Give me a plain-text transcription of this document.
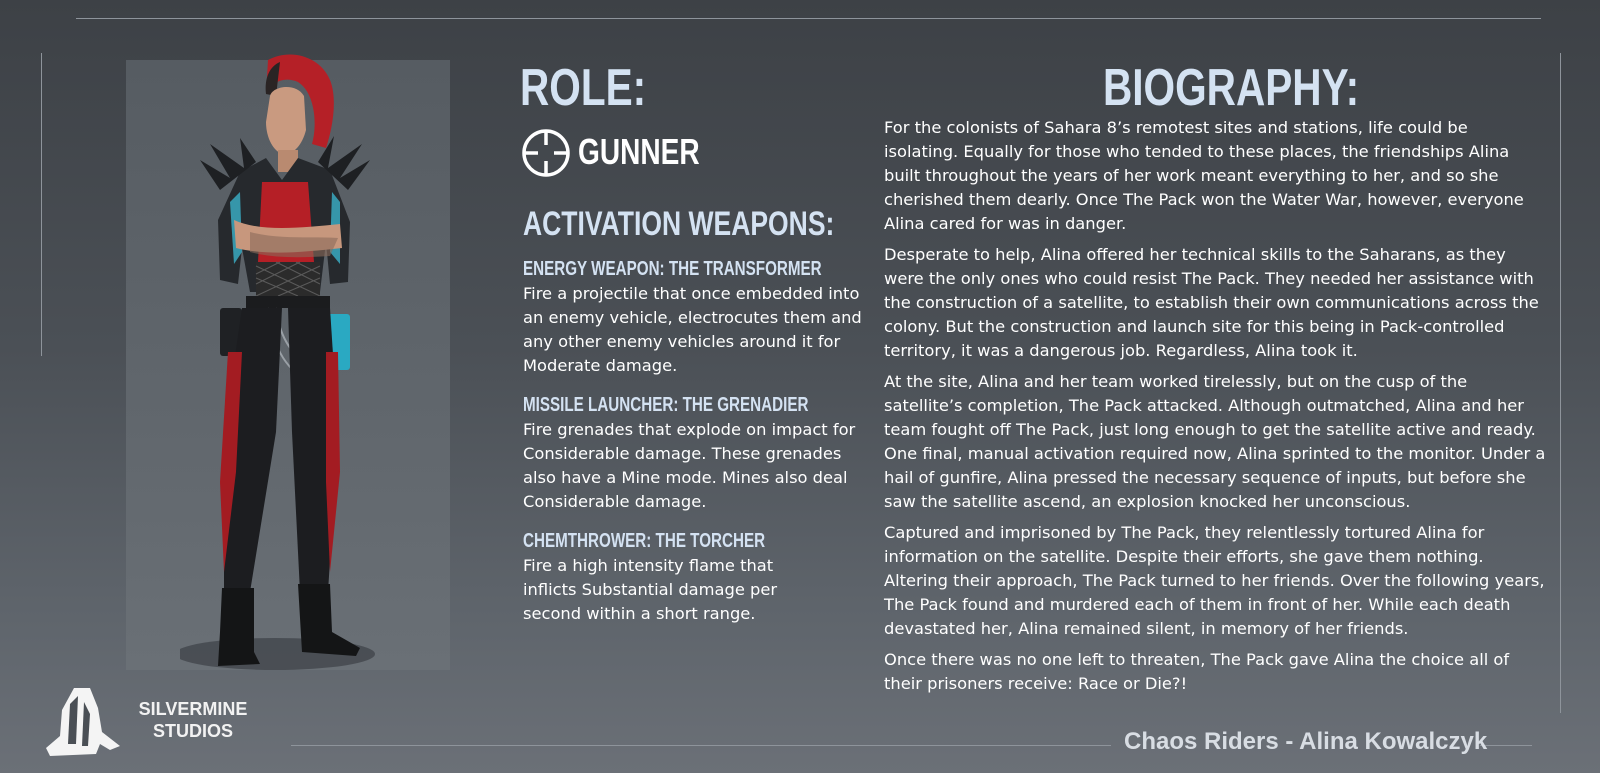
SILVERMINE
STUDIOS
ROLE:
GUNNER
ACTIVATION WEAPONS:
ENERGY WEAPON: THE TRANSFORMER
Fire a projectile that once embedded into an enemy vehicle, electrocutes them and any other enemy vehicles around it for Moderate damage.
MISSILE LAUNCHER: THE GRENADIER
Fire grenades that explode on impact for Considerable damage. These grenades also have a Mine mode. Mines also deal Considerable damage.
CHEMTHROWER: THE TORCHER
Fire a high intensity flame that inflicts Substantial damage per second within a short range.
BIOGRAPHY:

For the colonists of Sahara 8’s remotest sites and stations, life could be isolating. Equally for those who tended to these places, the friendships Alina built throughout the years of her work meant everything to her, and so she cherished them dearly. Once The Pack won the Water War, however, everyone Alina cared for was in danger.

Desperate to help, Alina offered her technical skills to the Saharans, as they were the only ones who could resist The Pack. They needed her assistance with the construction of a satellite, to establish their own communications across the colony. But the construction and launch site for this being in Pack-controlled territory, it was a dangerous job. Regardless, Alina took it.

At the site, Alina and her team worked tirelessly, but on the cusp of the satellite’s completion, The Pack attacked. Although outmatched, Alina and her team fought off The Pack, just long enough to get the satellite active and ready. One final, manual activation required now, Alina sprinted to the monitor. Under a hail of gunfire, Alina pressed the necessary sequence of inputs, but before she saw the satellite ascend, an explosion knocked her unconscious.

Captured and imprisoned by The Pack, they relentlessly tortured Alina for information on the satellite. Despite their efforts, she gave them nothing. Altering their approach, The Pack turned to her friends. Over the following years, The Pack found and murdered each of them in front of her. While each death devastated her, Alina remained silent, in memory of her friends.

Once there was no one left to threaten, The Pack gave Alina the choice all of their prisoners receive: Race or Die?!

Chaos Riders - Alina Kowalczyk
